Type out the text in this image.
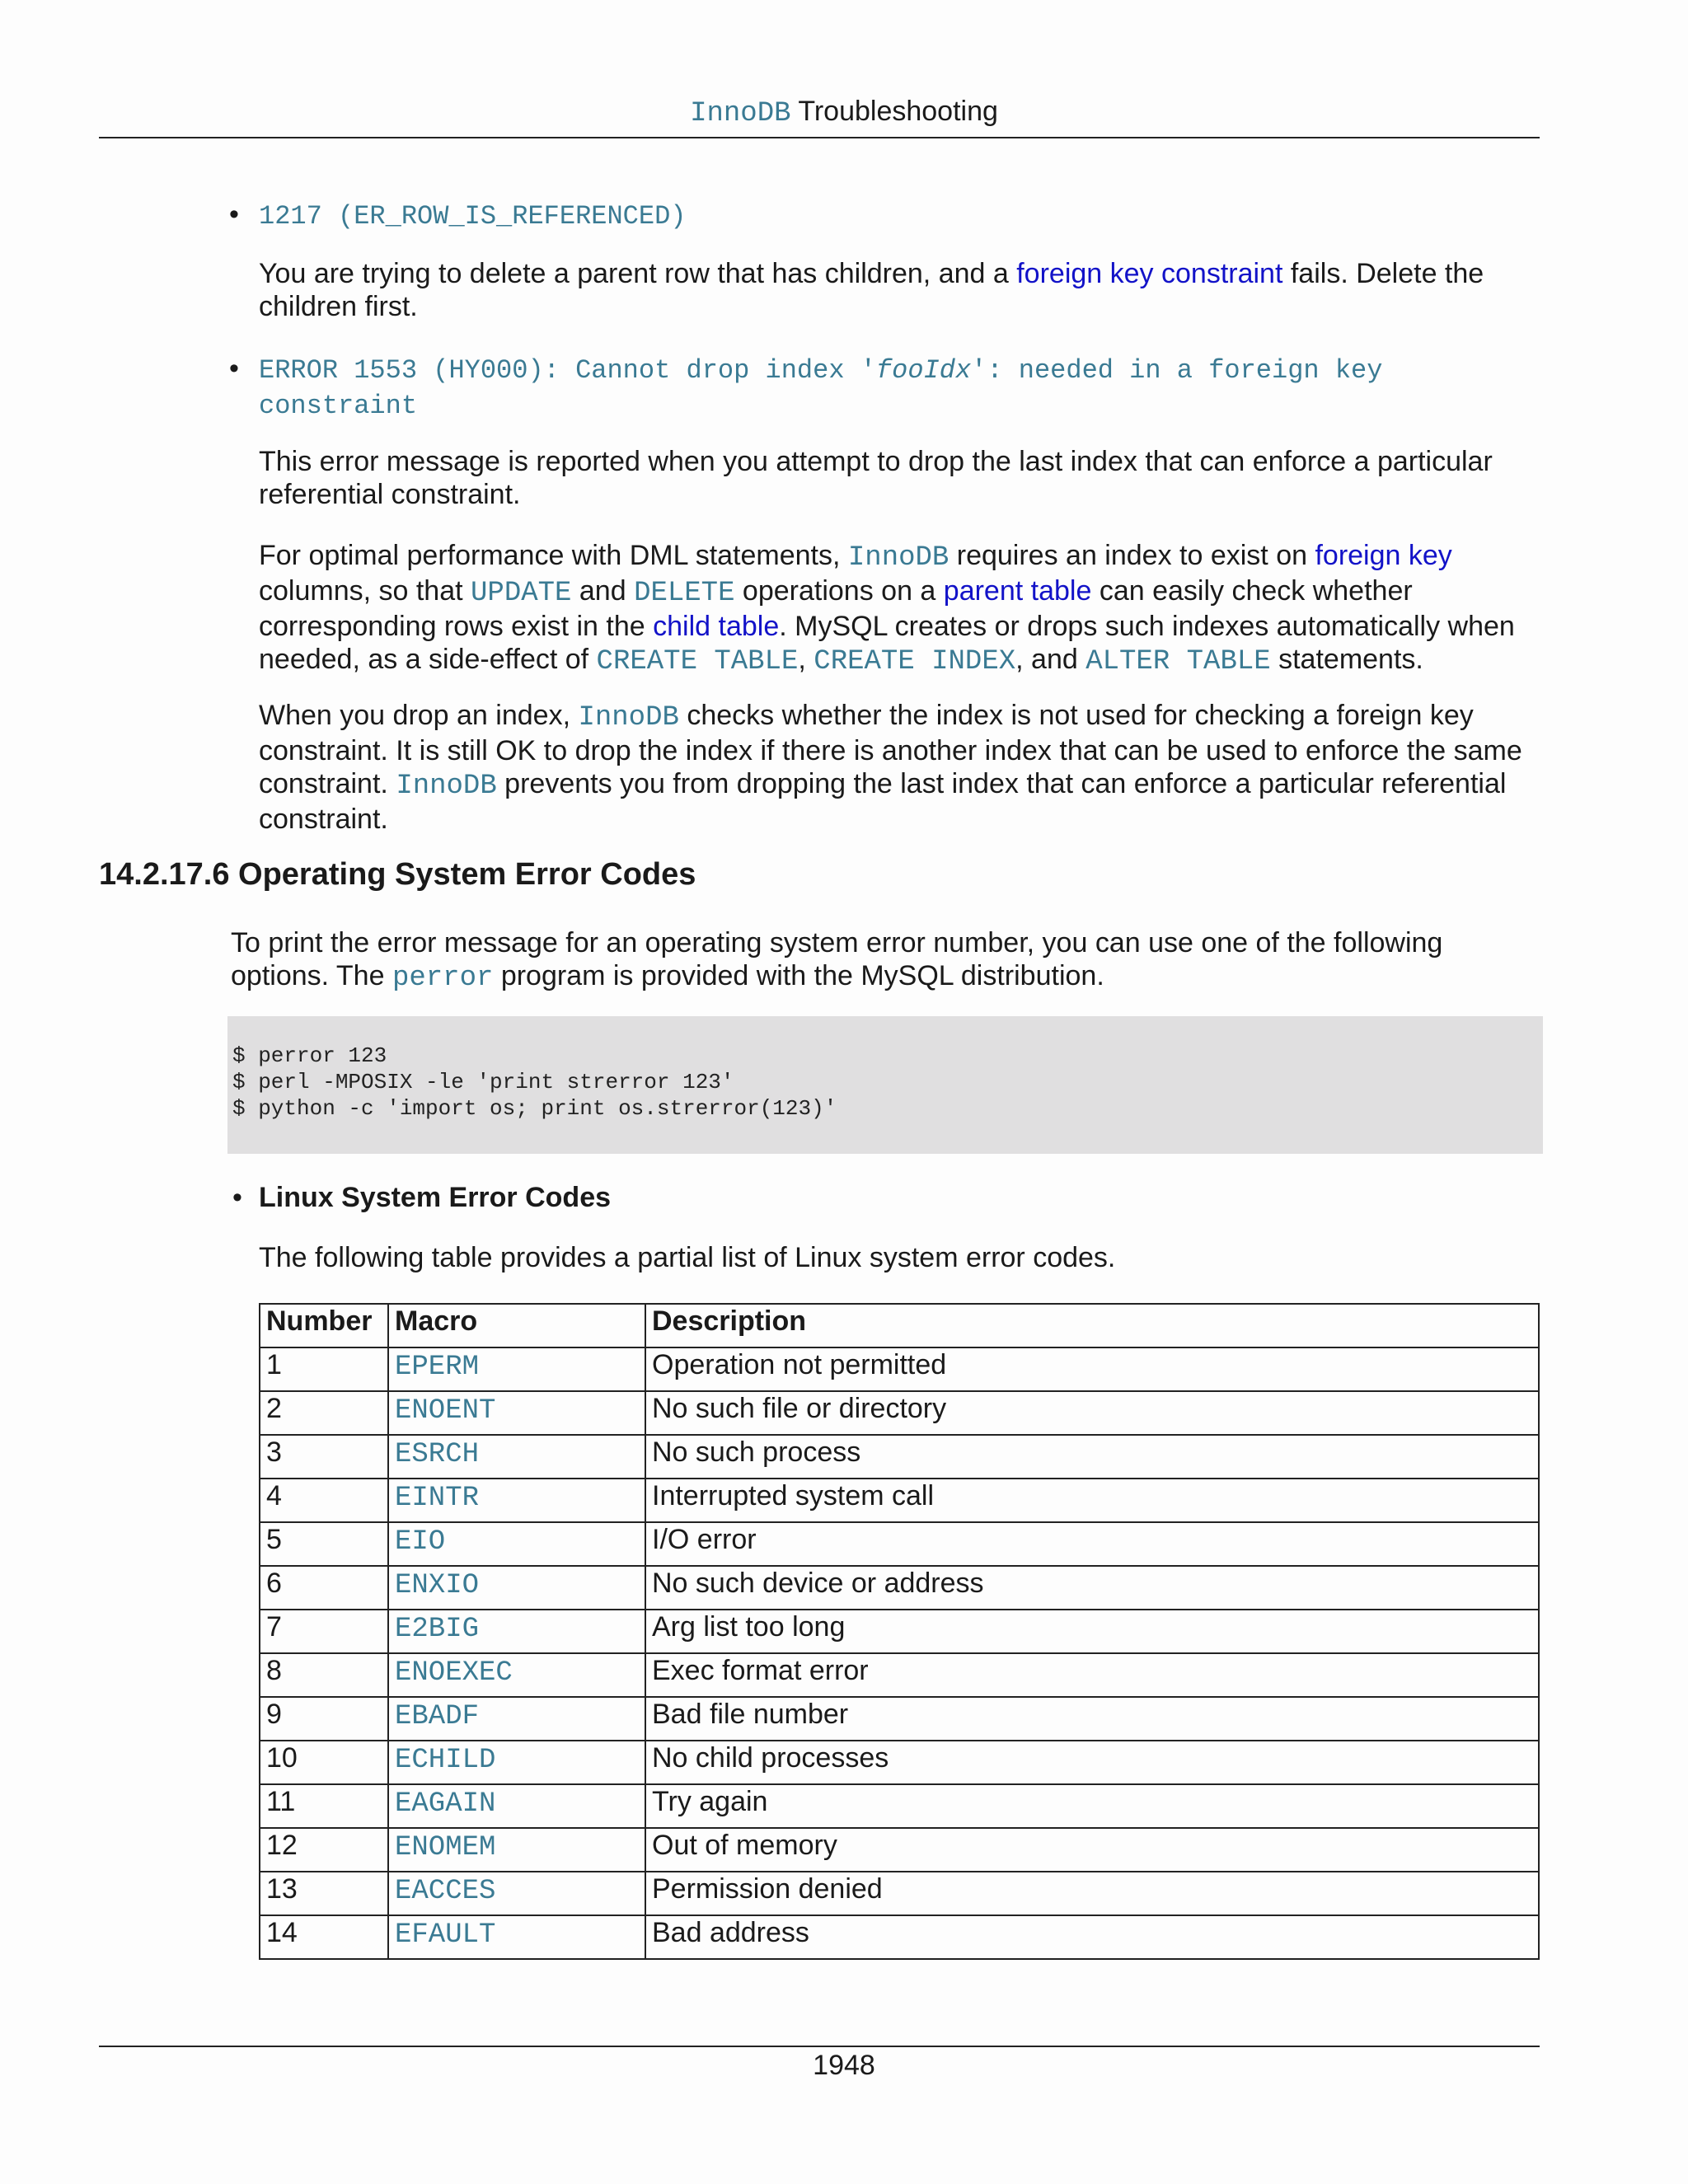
InnoDB Troubleshooting
• 1217 (ER_ROW_IS_REFERENCED)
You are trying to delete a parent row that has children, and a foreign key constraint fails. Delete the children first.
• ERROR 1553 (HY000): Cannot drop index 'fooIdx': needed in a foreign key constraint
This error message is reported when you attempt to drop the last index that can enforce a particular referential constraint.
For optimal performance with DML statements, InnoDB requires an index to exist on foreign key columns, so that UPDATE and DELETE operations on a parent table can easily check whether corresponding rows exist in the child table. MySQL creates or drops such indexes automatically when needed, as a side-effect of CREATE TABLE, CREATE INDEX, and ALTER TABLE statements.
When you drop an index, InnoDB checks whether the index is not used for checking a foreign key constraint. It is still OK to drop the index if there is another index that can be used to enforce the same constraint. InnoDB prevents you from dropping the last index that can enforce a particular referential constraint.
14.2.17.6 Operating System Error Codes
To print the error message for an operating system error number, you can use one of the following options. The perror program is provided with the MySQL distribution.
$ perror 123
$ perl -MPOSIX -le 'print strerror 123'
$ python -c 'import os; print os.strerror(123)'
• Linux System Error Codes
The following table provides a partial list of Linux system error codes.
Number	Macro	Description
1	EPERM	Operation not permitted
2	ENOENT	No such file or directory
3	ESRCH	No such process
4	EINTR	Interrupted system call
5	EIO	I/O error
6	ENXIO	No such device or address
7	E2BIG	Arg list too long
8	ENOEXEC	Exec format error
9	EBADF	Bad file number
10	ECHILD	No child processes
11	EAGAIN	Try again
12	ENOMEM	Out of memory
13	EACCES	Permission denied
14	EFAULT	Bad address
1948
